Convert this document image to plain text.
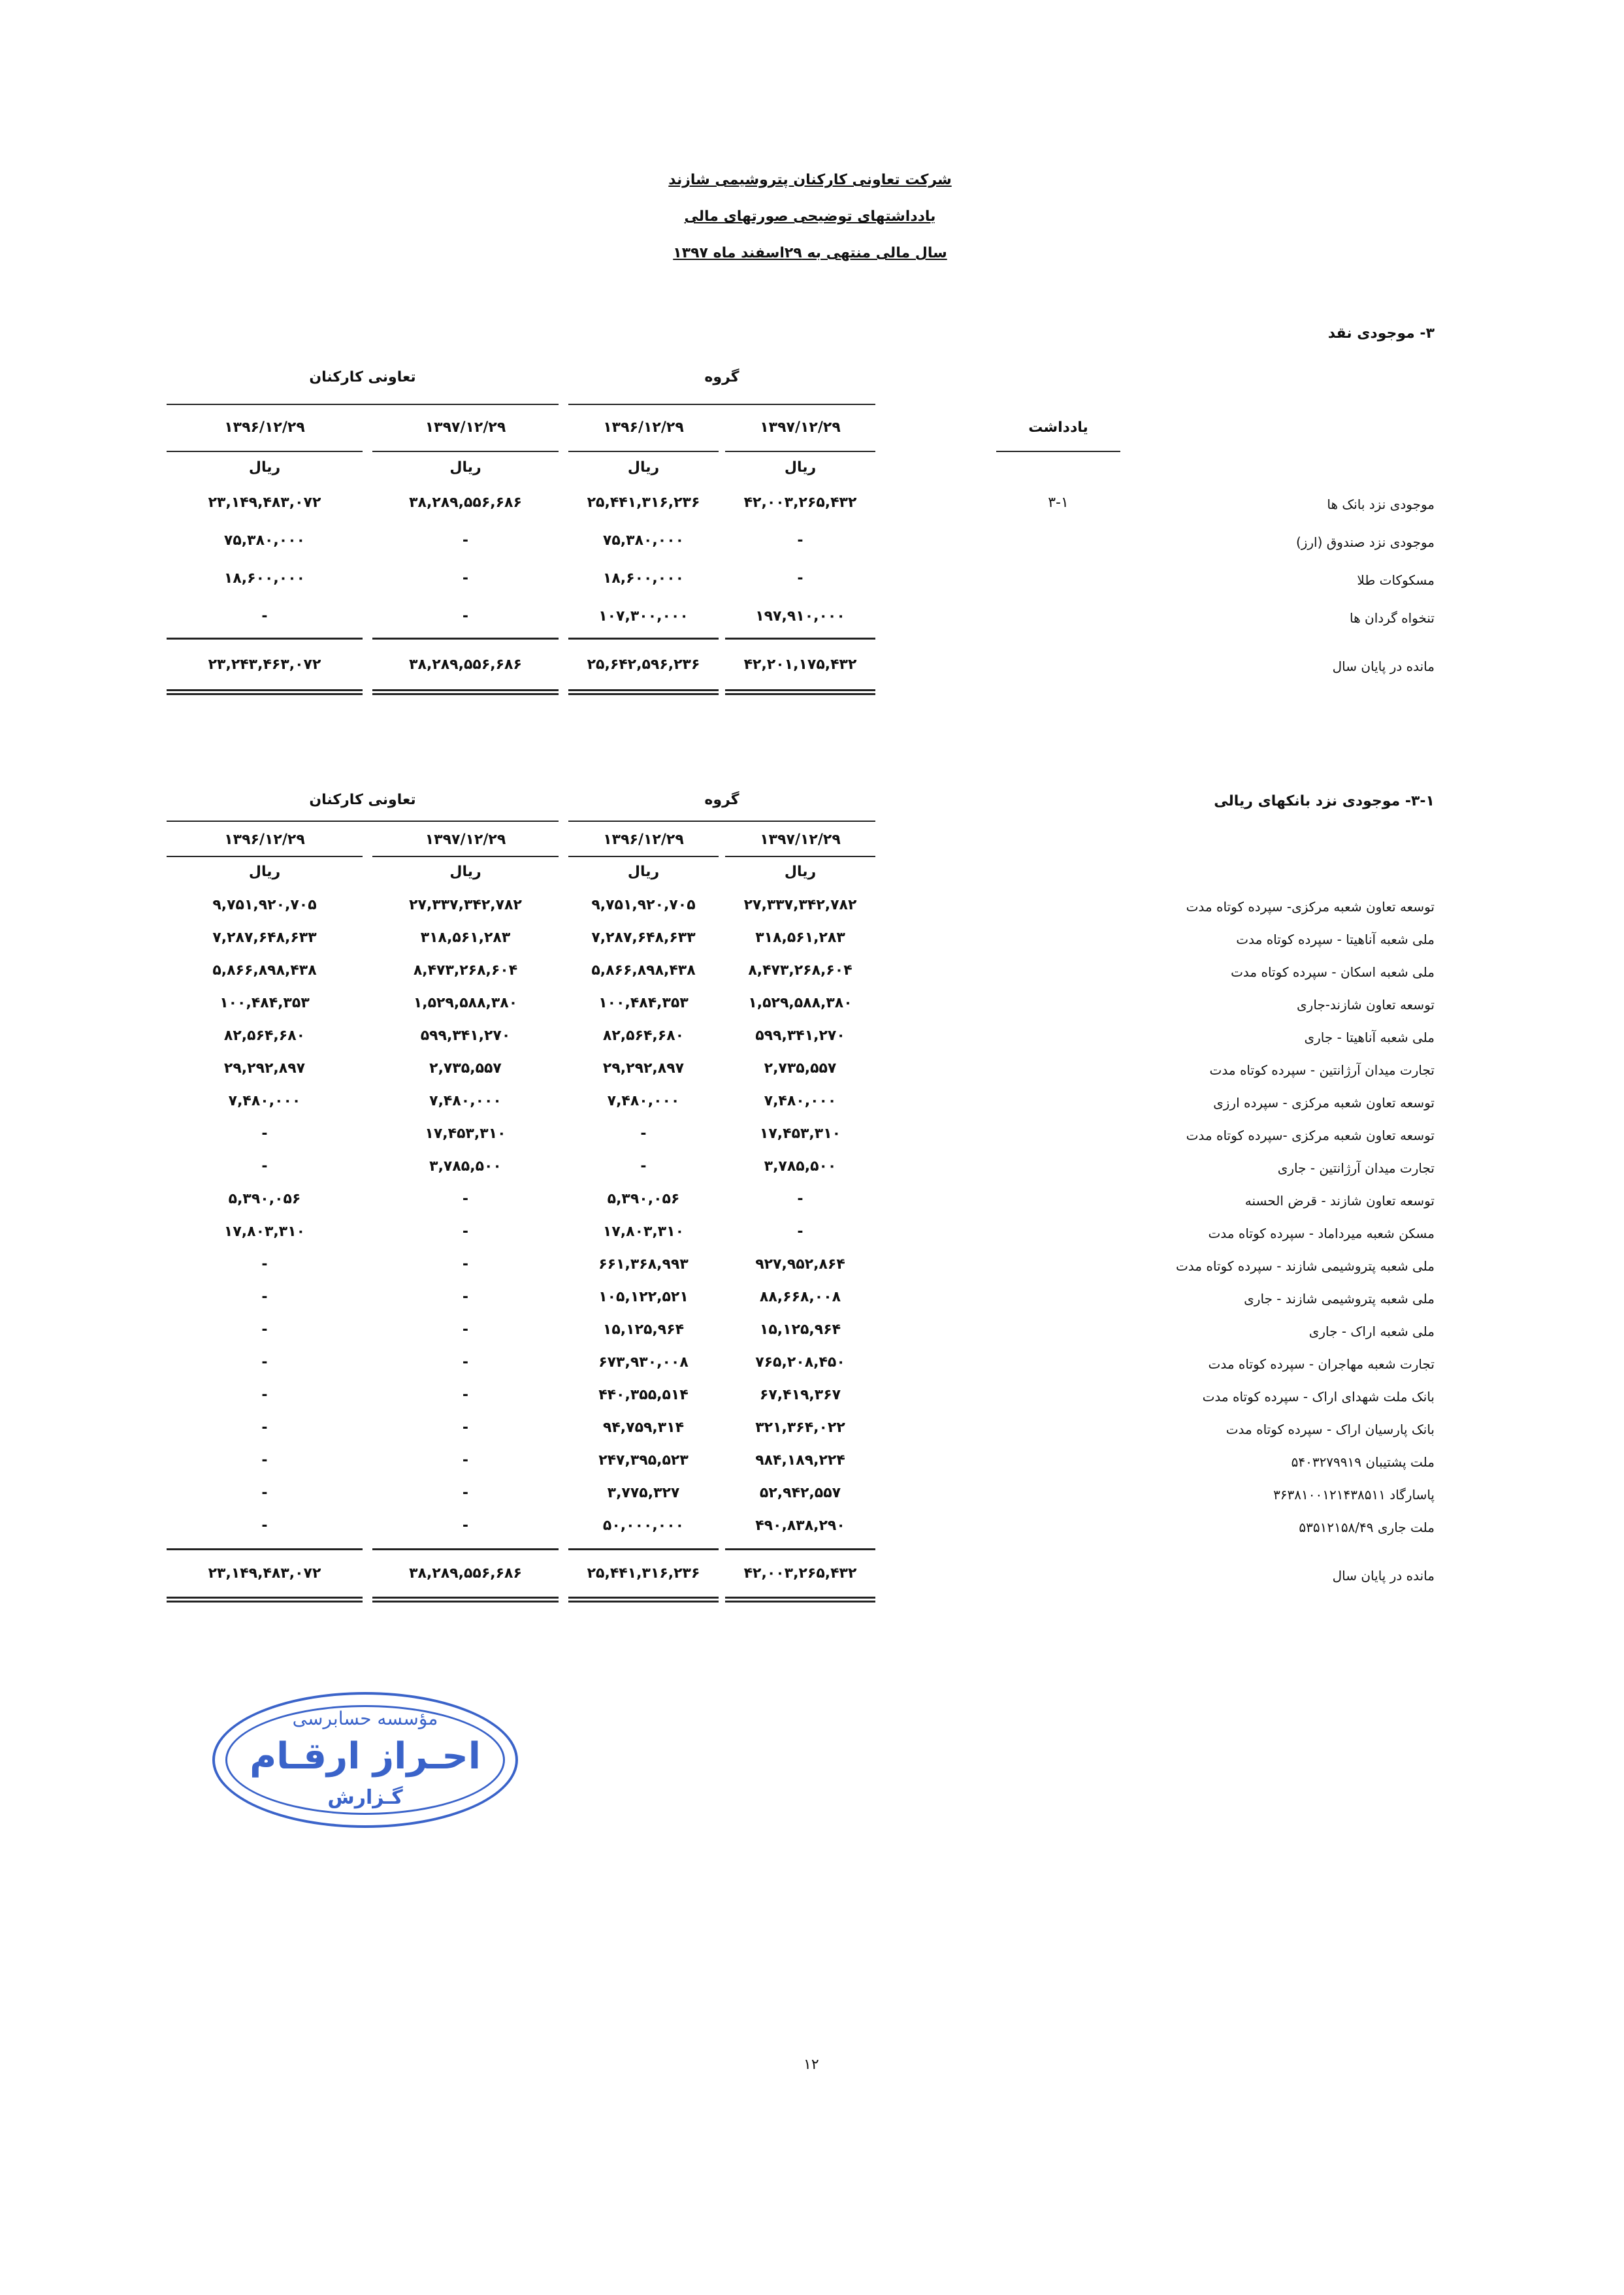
شرکت تعاونی کارکنان پتروشیمی شازند
یادداشتهای توضیحی صورتهای مالی
سال مالی منتهی به ۲۹اسفند ماه ۱۳۹۷
۳- موجودی نقد
گروه
تعاونی کارکنان
۱۳۹۷/۱۲/۲۹
۱۳۹۶/۱۲/۲۹
۱۳۹۷/۱۲/۲۹
۱۳۹۶/۱۲/۲۹	یادداشت
ریال
ریال
ریال
ریال
موجودی نزد بانک ها
۳-۱
۴۲,۰۰۳,۲۶۵,۴۳۲
۲۵,۴۴۱,۳۱۶,۲۳۶
۳۸,۲۸۹,۵۵۶,۶۸۶
۲۳,۱۴۹,۴۸۳,۰۷۲
موجودی نزد صندوق (ارز)
-
۷۵,۳۸۰,۰۰۰
-
۷۵,۳۸۰,۰۰۰
مسکوکات طلا
-
۱۸,۶۰۰,۰۰۰
-
۱۸,۶۰۰,۰۰۰
تنخواه گردان ها
۱۹۷,۹۱۰,۰۰۰
۱۰۷,۳۰۰,۰۰۰
-
-
مانده در پایان سال
۴۲,۲۰۱,۱۷۵,۴۳۲
۲۵,۶۴۲,۵۹۶,۲۳۶
۳۸,۲۸۹,۵۵۶,۶۸۶
۲۳,۲۴۳,۴۶۳,۰۷۲
۳-۱- موجودی نزد بانکهای ریالی
گروه
تعاونی کارکنان
۱۳۹۷/۱۲/۲۹
۱۳۹۶/۱۲/۲۹
۱۳۹۷/۱۲/۲۹
۱۳۹۶/۱۲/۲۹
ریال
ریال
ریال
ریال
توسعه تعاون شعبه مرکزی- سپرده کوتاه مدت
۲۷,۳۳۷,۳۴۲,۷۸۲
۹,۷۵۱,۹۲۰,۷۰۵
۲۷,۳۳۷,۳۴۲,۷۸۲
۹,۷۵۱,۹۲۰,۷۰۵
ملی شعبه آناهیتا - سپرده کوتاه مدت
۳۱۸,۵۶۱,۲۸۳
۷,۲۸۷,۶۴۸,۶۳۳
۳۱۸,۵۶۱,۲۸۳
۷,۲۸۷,۶۴۸,۶۳۳
ملی شعبه اسکان - سپرده کوتاه مدت
۸,۴۷۳,۲۶۸,۶۰۴
۵,۸۶۶,۸۹۸,۴۳۸
۸,۴۷۳,۲۶۸,۶۰۴
۵,۸۶۶,۸۹۸,۴۳۸
توسعه تعاون شازند-جاری
۱,۵۲۹,۵۸۸,۳۸۰
۱۰۰,۴۸۴,۳۵۳
۱,۵۲۹,۵۸۸,۳۸۰
۱۰۰,۴۸۴,۳۵۳
ملی شعبه آناهیتا - جاری
۵۹۹,۳۴۱,۲۷۰
۸۲,۵۶۴,۶۸۰
۵۹۹,۳۴۱,۲۷۰
۸۲,۵۶۴,۶۸۰
تجارت میدان آرژانتین - سپرده کوتاه مدت
۲,۷۳۵,۵۵۷
۲۹,۲۹۲,۸۹۷
۲,۷۳۵,۵۵۷
۲۹,۲۹۲,۸۹۷
توسعه تعاون شعبه مرکزی - سپرده ارزی
۷,۴۸۰,۰۰۰
۷,۴۸۰,۰۰۰
۷,۴۸۰,۰۰۰
۷,۴۸۰,۰۰۰
توسعه تعاون شعبه مرکزی -سپرده کوتاه مدت
۱۷,۴۵۳,۳۱۰
-
۱۷,۴۵۳,۳۱۰
-
تجارت میدان آرژانتین - جاری
۳,۷۸۵,۵۰۰
-
۳,۷۸۵,۵۰۰
-
توسعه تعاون شازند - قرض الحسنه
-
۵,۳۹۰,۰۵۶
-
۵,۳۹۰,۰۵۶
مسکن شعبه میرداماد - سپرده کوتاه مدت
-
۱۷,۸۰۳,۳۱۰
-
۱۷,۸۰۳,۳۱۰
ملی شعبه پتروشیمی شازند - سپرده کوتاه مدت
۹۲۷,۹۵۲,۸۶۴
۶۶۱,۳۶۸,۹۹۳
-
-
ملی شعبه پتروشیمی شازند - جاری
۸۸,۶۶۸,۰۰۸
۱۰۵,۱۲۲,۵۲۱
-
-
ملی شعبه اراک - جاری
۱۵,۱۲۵,۹۶۴
۱۵,۱۲۵,۹۶۴
-
-
تجارت شعبه مهاجران - سپرده کوتاه مدت
۷۶۵,۲۰۸,۴۵۰
۶۷۳,۹۳۰,۰۰۸
-
-
بانک ملت شهدای اراک - سپرده کوتاه مدت
۶۷,۴۱۹,۳۶۷
۴۴۰,۳۵۵,۵۱۴
-
-
بانک پارسیان اراک - سپرده کوتاه مدت
۳۲۱,۳۶۴,۰۲۲
۹۴,۷۵۹,۳۱۴
-
-
ملت پشتیبان ۵۴۰۳۲۷۹۹۱۹
۹۸۴,۱۸۹,۲۲۴
۲۴۷,۳۹۵,۵۲۳
-
-
پاسارگاد ۳۶۳۸۱۰۰۱۲۱۴۳۸۵۱۱
۵۲,۹۴۲,۵۵۷
۳,۷۷۵,۳۲۷
-
-
ملت جاری ۵۳۵۱۲۱۵۸/۴۹
۴۹۰,۸۳۸,۲۹۰
۵۰,۰۰۰,۰۰۰
-
-
مانده در پایان سال
۴۲,۰۰۳,۲۶۵,۴۳۲
۲۵,۴۴۱,۳۱۶,۲۳۶
۳۸,۲۸۹,۵۵۶,۶۸۶
۲۳,۱۴۹,۴۸۳,۰۷۲
مؤسسه حسابرسی
احـراز ارقـام
گـزارش
۱۲
